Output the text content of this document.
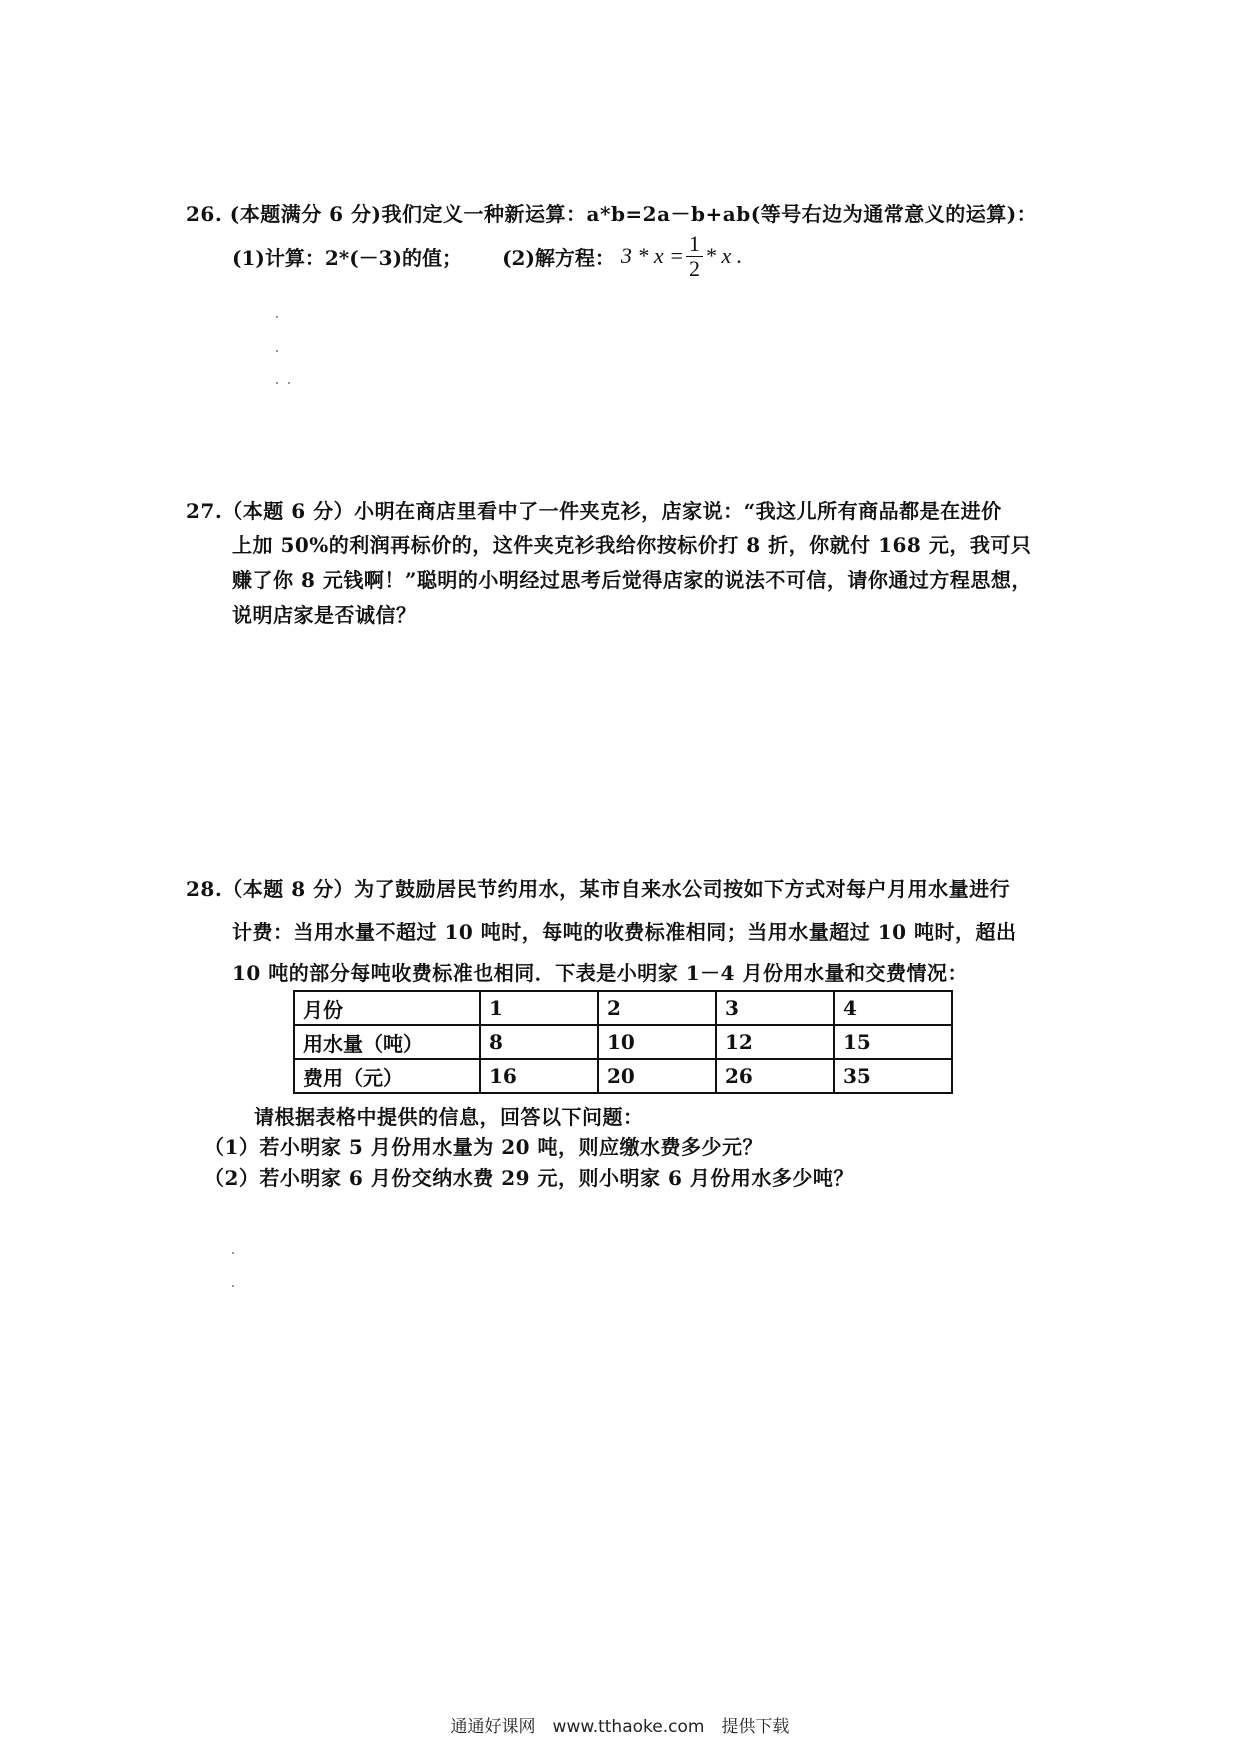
26. (本题满分 6 分)我们定义一种新运算：a*b=2a－b+ab(等号右边为通常意义的运算)：
(1)计算：2*(－3)的值； (2)解方程： $3 * x = \frac{1}{2} * x$ .
27.（本题 6 分）小明在商店里看中了一件夹克衫，店家说：“我这儿所有商品都是在进价
上加 50%的利润再标价的，这件夹克衫我给你按标价打 8 折，你就付 168 元，我可只
赚了你 8 元钱啊！”聪明的小明经过思考后觉得店家的说法不可信，请你通过方程思想，
说明店家是否诚信？
28.（本题 8 分）为了鼓励居民节约用水，某市自来水公司按如下方式对每户月用水量进行
计费：当用水量不超过 10 吨时，每吨的收费标准相同；当用水量超过 10 吨时，超出
10 吨的部分每吨收费标准也相同．下表是小明家 1－4 月份用水量和交费情况：
月份	1	2	3	4
用水量（吨）	8	10	12	15
费用（元）	16	20	26	35
请根据表格中提供的信息，回答以下问题：
（1）若小明家 5 月份用水量为 20 吨，则应缴水费多少元？
（2）若小明家 6 月份交纳水费 29 元，则小明家 6 月份用水多少吨？
通通好课网　www.tthaoke.com　提供下载
